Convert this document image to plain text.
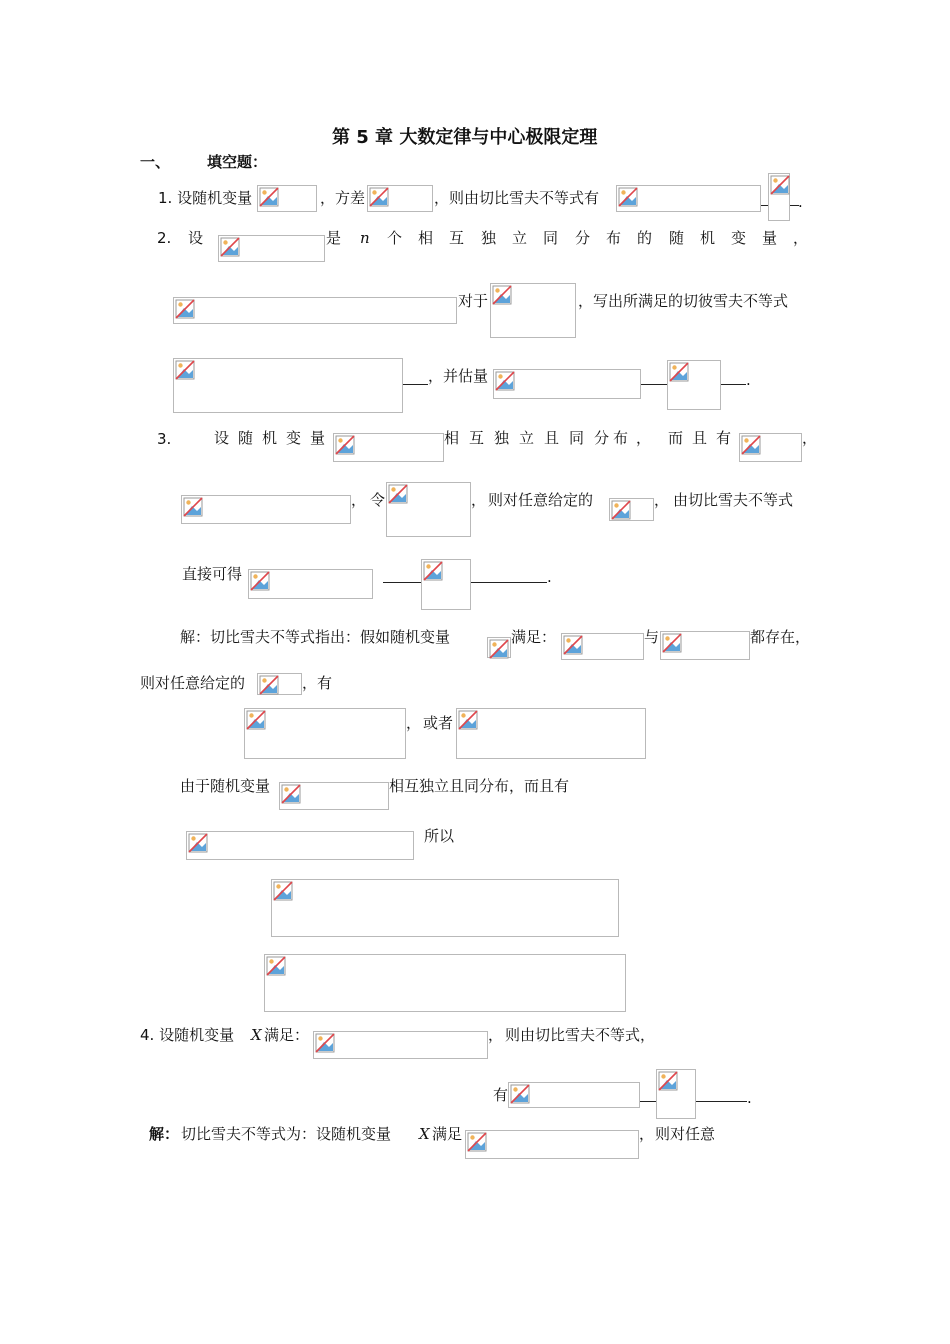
第 5 章 大数定律与中心极限定理
一、 填空题：
1. 设随机变量	，方差	，则由切比雪夫不等式有	.
2. 设	是 n 个 相 互 独 立 同 分 布 的 随 机 变 量 ，
对于	，写出所满足的切彼雪夫不等式
，并估量	.
3.	设 随 机 变 量	相 互 独 立 且 同 分 布 ， 而 且 有	，
， 令	， 则对任意给定的	， 由切比雪夫不等式
直接可得	.
解：切比雪夫不等式指出：假如随机变量	满足：	与	都存在，
则对任意给定的	，有
， 或者
由于随机变量	相互独立且同分布，而且有
所以
4. 设随机变量 X 满足：	， 则由切比雪夫不等式，
有	.
解： 切比雪夫不等式为：设随机变量 X 满足	， 则对任意
